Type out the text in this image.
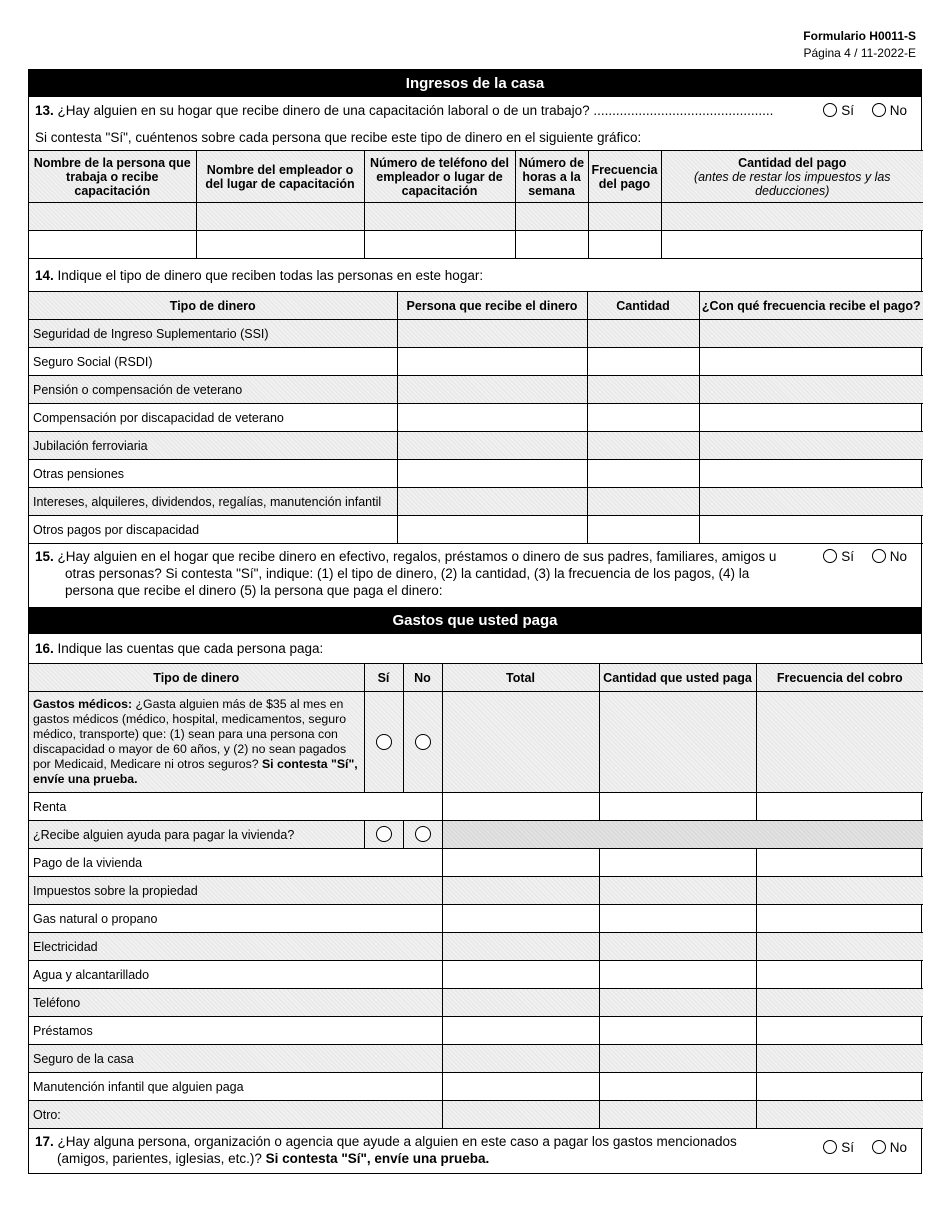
Formulario H0011-S
Página 4 / 11-2022-E
Ingresos de la casa
13. ¿Hay alguien en su hogar que recibe dinero de una capacitación laboral o de un trabajo? ................................................	Sí	No
Si contesta "Sí", cuéntenos sobre cada persona que recibe este tipo de dinero en el siguiente gráfico:
Nombre de la persona que trabaja o recibe capacitación	Nombre del empleador o del lugar de capacitación	Número de teléfono del empleador o lugar de capacitación	Número de horas a la semana	Frecuencia del pago	Cantidad del pago
(antes de restar los impuestos y las deducciones)

14. Indique el tipo de dinero que reciben todas las personas en este hogar:
Tipo de dinero	Persona que recibe el dinero	Cantidad	¿Con qué frecuencia recibe el pago?
Seguridad de Ingreso Suplementario (SSI)			
Seguro Social (RSDI)			
Pensión o compensación de veterano			
Compensación por discapacidad de veterano			
Jubilación ferroviaria			
Otras pensiones			
Intereses, alquileres, dividendos, regalías, manutención infantil			
Otros pagos por discapacidad			
15. ¿Hay alguien en el hogar que recibe dinero en efectivo, regalos, préstamos o dinero de sus padres, familiares, amigos u
otras personas? Si contesta "Sí", indique: (1) el tipo de dinero, (2) la cantidad, (3) la frecuencia de los pagos, (4) la
persona que recibe el dinero (5) la persona que paga el dinero:
Sí	No
Gastos que usted paga
16. Indique las cuentas que cada persona paga:
Tipo de dinero	Sí	No	Total	Cantidad que usted paga	Frecuencia del cobro
Gastos médicos: ¿Gasta alguien más de $35 al mes en gastos médicos (médico, hospital, medicamentos, seguro médico, transporte) que: (1) sean para una persona con discapacidad o mayor de 60 años, y (2) no sean pagados por Medicaid, Medicare ni otros seguros? Si contesta "Sí", envíe una prueba.					
Renta					
¿Recibe alguien ayuda para pagar la vivienda?					
Pago de la vivienda					
Impuestos sobre la propiedad					
Gas natural o propano					
Electricidad					
Agua y alcantarillado					
Teléfono					
Préstamos					
Seguro de la casa					
Manutención infantil que alguien paga					
Otro:					
17. ¿Hay alguna persona, organización o agencia que ayude a alguien en este caso a pagar los gastos mencionados
(amigos, parientes, iglesias, etc.)? Si contesta "Sí", envíe una prueba.
Sí	No
